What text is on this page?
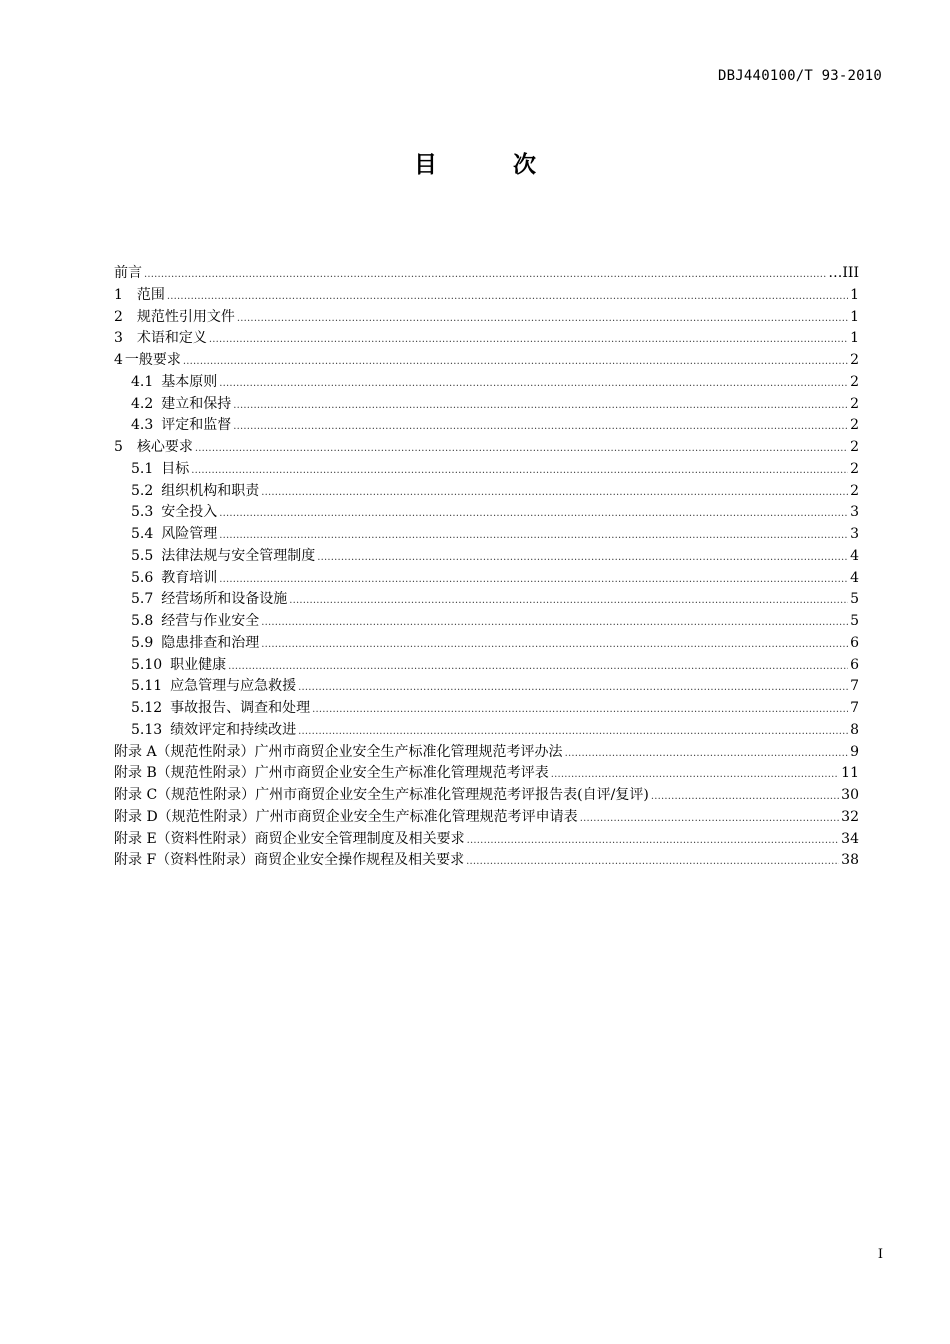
DBJ440100/T 93-2010
目	次
前言 .....	…III
1 范围 .....	1
2 规范性引用文件 .....	1
3 术语和定义 .....	1
4 一般要求 .....	2
4.1 基本原则 .....	2
4.2 建立和保持 .....	2
4.3 评定和监督 .....	2
5 核心要求 .....	2
5.1 目标 .....	2
5.2 组织机构和职责 .....	2
5.3 安全投入 .....	3
5.4 风险管理 .....	3
5.5 法律法规与安全管理制度 .....	4
5.6 教育培训 .....	4
5.7 经营场所和设备设施 .....	5
5.8 经营与作业安全 .....	5
5.9 隐患排查和治理 .....	6
5.10 职业健康 .....	6
5.11 应急管理与应急救援 .....	7
5.12 事故报告、调查和处理 .....	7
5.13 绩效评定和持续改进 .....	8
附录 A（规范性附录）广州市商贸企业安全生产标准化管理规范考评办法 .....	9
附录 B（规范性附录）广州市商贸企业安全生产标准化管理规范考评表 .....	11
附录 C（规范性附录）广州市商贸企业安全生产标准化管理规范考评报告表(自评/复评) .....	30
附录 D（规范性附录）广州市商贸企业安全生产标准化管理规范考评申请表 .....	32
附录 E（资料性附录）商贸企业安全管理制度及相关要求 .....	34
附录 F（资料性附录）商贸企业安全操作规程及相关要求 .....	38
I
